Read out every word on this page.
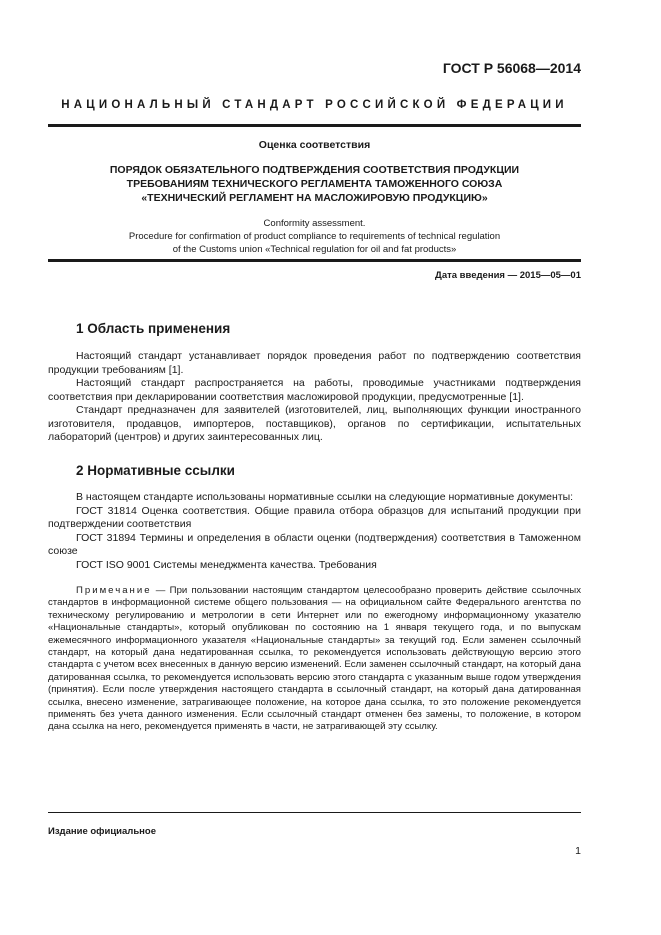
ГОСТ Р 56068—2014
НАЦИОНАЛЬНЫЙ СТАНДАРТ РОССИЙСКОЙ ФЕДЕРАЦИИ
Оценка соответствия
ПОРЯДОК ОБЯЗАТЕЛЬНОГО ПОДТВЕРЖДЕНИЯ СООТВЕТСТВИЯ ПРОДУКЦИИ
ТРЕБОВАНИЯМ ТЕХНИЧЕСКОГО РЕГЛАМЕНТА ТАМОЖЕННОГО СОЮЗА
«ТЕХНИЧЕСКИЙ РЕГЛАМЕНТ НА МАСЛОЖИРОВУЮ ПРОДУКЦИЮ»
Conformity assessment.
Procedure for confirmation of product compliance to requirements of technical regulation
of the Customs union «Technical regulation for oil and fat products»
Дата введения — 2015—05—01
1 Область применения

Настоящий стандарт устанавливает порядок проведения работ по подтверждению соответствия продукции требованиям [1].

Настоящий стандарт распространяется на работы, проводимые участниками подтверждения соответствия при декларировании соответствия масложировой продукции, предусмотренные [1].

Стандарт предназначен для заявителей (изготовителей, лиц, выполняющих функции иностранного изготовителя, продавцов, импортеров, поставщиков), органов по сертификации, испытательных лабораторий (центров) и других заинтересованных лиц.

2 Нормативные ссылки

В настоящем стандарте использованы нормативные ссылки на следующие нормативные документы:

ГОСТ 31814 Оценка соответствия. Общие правила отбора образцов для испытаний продукции при подтверждении соответствия

ГОСТ 31894 Термины и определения в области оценки (подтверждения) соответствия в Таможенном союзе

ГОСТ ISO 9001 Системы менеджмента качества. Требования

Примечание — При пользовании настоящим стандартом целесообразно проверить действие ссылочных стандартов в информационной системе общего пользования — на официальном сайте Федерального агентства по техническому регулированию и метрологии в сети Интернет или по ежегодному информационному указателю «Национальные стандарты», который опубликован по состоянию на 1 января текущего года, и по выпускам ежемесячного информационного указателя «Национальные стандарты» за текущий год. Если заменен ссылочный стандарт, на который дана недатированная ссылка, то рекомендуется использовать действующую версию этого стандарта с учетом всех внесенных в данную версию изменений. Если заменен ссылочный стандарт, на который дана датированная ссылка, то рекомендуется использовать версию этого стандарта с указанным выше годом утверждения (принятия). Если после утверждения настоящего стандарта в ссылочный стандарт, на который дана датированная ссылка, внесено изменение, затрагивающее положение, на которое дана ссылка, то это положение рекомендуется применять без учета данного изменения. Если ссылочный стандарт отменен без замены, то положение, в котором дана ссылка на него, рекомендуется применять в части, не затрагивающей эту ссылку.

Издание официальное
1
